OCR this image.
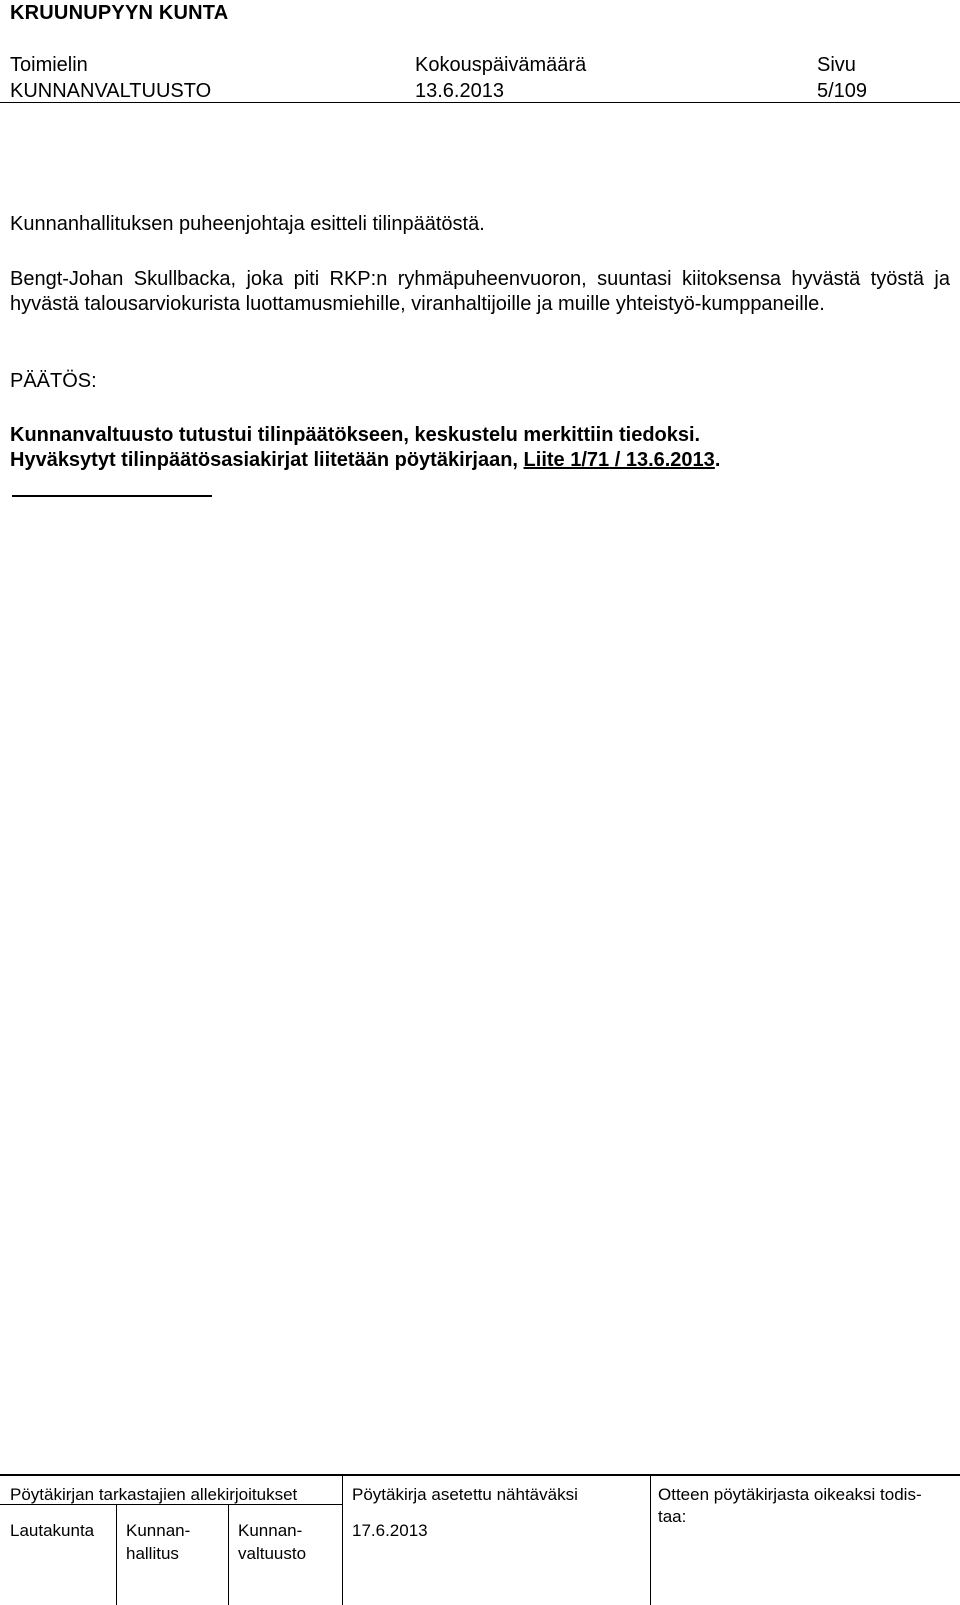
KRUUNUPYYN KUNTA
Toimielin
KUNNANVALTUUSTO
Kokouspäivämäärä
13.6.2013
Sivu
5/109
Kunnanhallituksen puheenjohtaja esitteli tilinpäätöstä.
Bengt-Johan Skullbacka, joka piti RKP:n ryhmäpuheenvuoron, suuntasi kiitoksensa hyvästä työstä ja hyvästä talousarviokurista luottamusmiehille, viranhaltijoille ja muille yhteistyö-kumppaneille.
PÄÄTÖS:
Kunnanvaltuusto tutustui tilinpäätökseen, keskustelu merkittiin tiedoksi.
Hyväksytyt tilinpäätösasiakirjat liitetään pöytäkirjaan, Liite 1/71 / 13.6.2013.
Pöytäkirjan tarkastajien allekirjoitukset
Lautakunta Kunnan-
hallitus
Kunnan-
valtuusto
Pöytäkirja asetettu nähtäväksi
17.6.2013
Otteen pöytäkirjasta oikeaksi todis-
taa:
